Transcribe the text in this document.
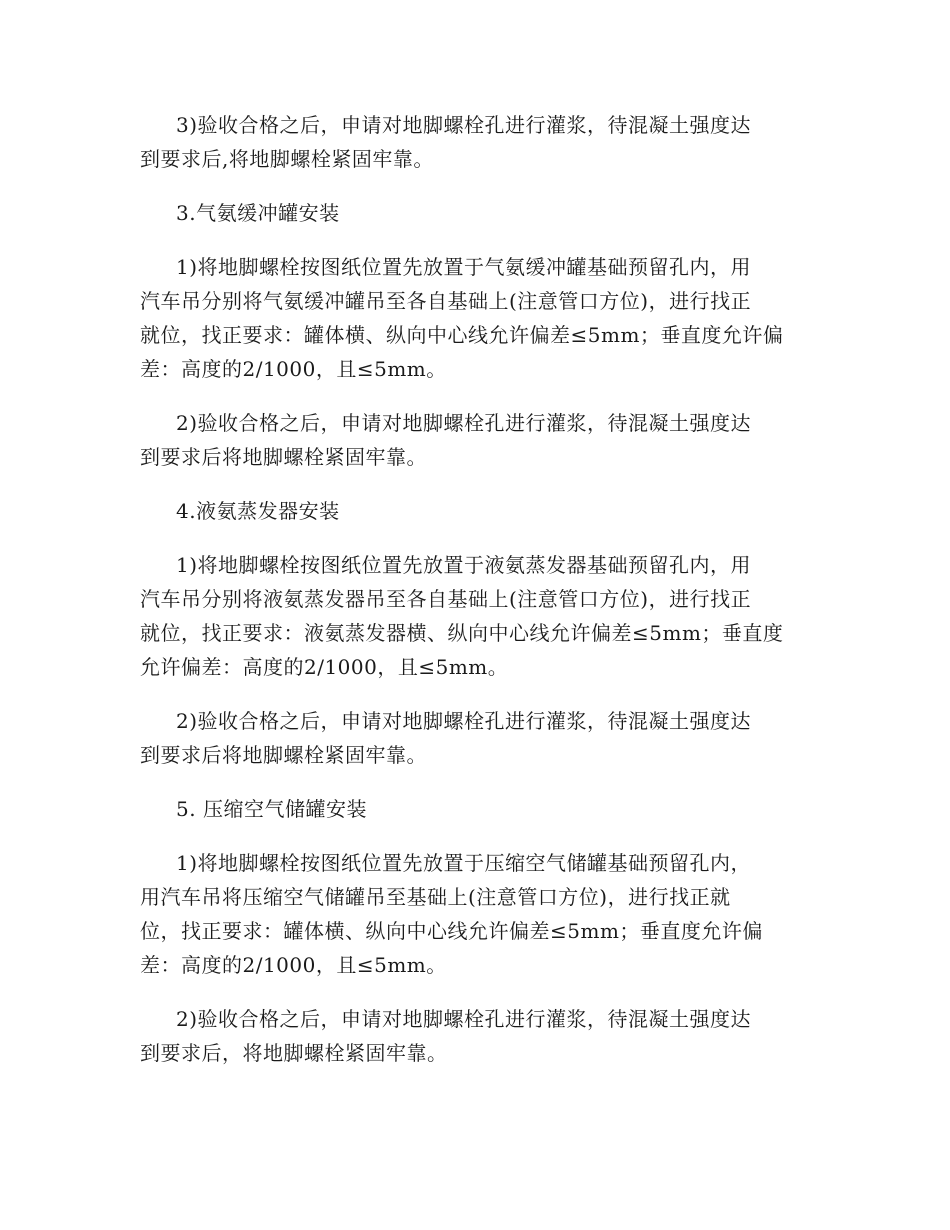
3)验收合格之后，申请对地脚螺栓孔进行灌浆，待混凝土强度达
到要求后,将地脚螺栓紧固牢靠。
3.气氨缓冲罐安装
1)将地脚螺栓按图纸位置先放置于气氨缓冲罐基础预留孔内，用
汽车吊分别将气氨缓冲罐吊至各自基础上(注意管口方位)，进行找正
就位，找正要求：罐体横、纵向中心线允许偏差≤5mm；垂直度允许偏
差：高度的2/1000，且≤5mm。
2)验收合格之后，申请对地脚螺栓孔进行灌浆，待混凝土强度达
到要求后将地脚螺栓紧固牢靠。
4.液氨蒸发器安装
1)将地脚螺栓按图纸位置先放置于液氨蒸发器基础预留孔内，用
汽车吊分别将液氨蒸发器吊至各自基础上(注意管口方位)，进行找正
就位，找正要求：液氨蒸发器横、纵向中心线允许偏差≤5mm；垂直度
允许偏差：高度的2/1000，且≤5mm。
2)验收合格之后，申请对地脚螺栓孔进行灌浆，待混凝土强度达
到要求后将地脚螺栓紧固牢靠。
5. 压缩空气储罐安装
1)将地脚螺栓按图纸位置先放置于压缩空气储罐基础预留孔内，
用汽车吊将压缩空气储罐吊至基础上(注意管口方位)，进行找正就
位，找正要求：罐体横、纵向中心线允许偏差≤5mm；垂直度允许偏
差：高度的2/1000，且≤5mm。
2)验收合格之后，申请对地脚螺栓孔进行灌浆，待混凝土强度达
到要求后，将地脚螺栓紧固牢靠。
